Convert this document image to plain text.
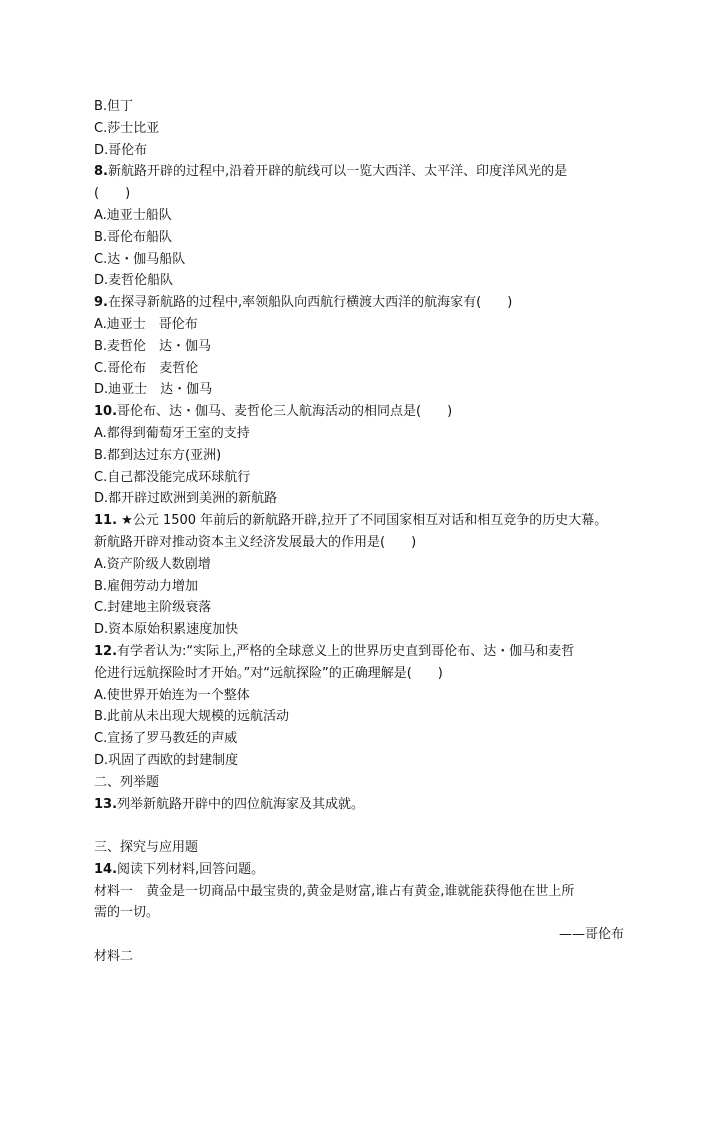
B.但丁
C.莎士比亚
D.哥伦布
8.新航路开辟的过程中,沿着开辟的航线可以一览大西洋、太平洋、印度洋风光的是
(　　)
A.迪亚士船队
B.哥伦布船队
C.达・伽马船队
D.麦哲伦船队
9.在探寻新航路的过程中,率领船队向西航行横渡大西洋的航海家有(　　)
A.迪亚士　哥伦布
B.麦哲伦　达・伽马
C.哥伦布　麦哲伦
D.迪亚士　达・伽马
10.哥伦布、达・伽马、麦哲伦三人航海活动的相同点是(　　)
A.都得到葡萄牙王室的支持
B.都到达过东方(亚洲)
C.自己都没能完成环球航行
D.都开辟过欧洲到美洲的新航路
11. ★公元 1500 年前后的新航路开辟,拉开了不同国家相互对话和相互竞争的历史大幕。
新航路开辟对推动资本主义经济发展最大的作用是(　　)
A.资产阶级人数剧增
B.雇佣劳动力增加
C.封建地主阶级衰落
D.资本原始积累速度加快
12.有学者认为:“实际上,严格的全球意义上的世界历史直到哥伦布、达・伽马和麦哲
伦进行远航探险时才开始。”对“远航探险”的正确理解是(　　)
A.使世界开始连为一个整体
B.此前从未出现大规模的远航活动
C.宣扬了罗马教廷的声威
D.巩固了西欧的封建制度
二、列举题
13.列举新航路开辟中的四位航海家及其成就。
三、探究与应用题
14.阅读下列材料,回答问题。
材料一　黄金是一切商品中最宝贵的,黄金是财富,谁占有黄金,谁就能获得他在世上所
需的一切。
——哥伦布
材料二
